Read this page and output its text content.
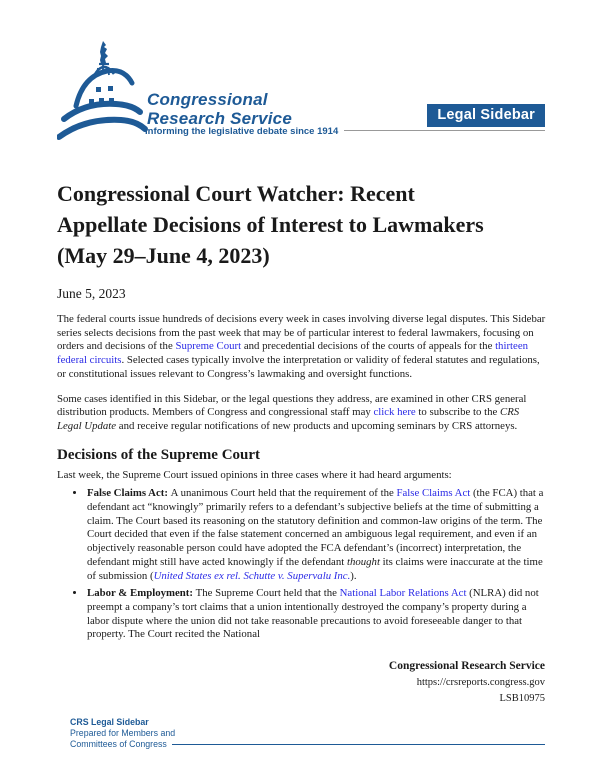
Congressional
Research Service	Legal Sidebar
Informing the legislative debate since 1914
Congressional Court Watcher: Recent
Appellate Decisions of Interest to Lawmakers
(May 29–June 4, 2023)
June 5, 2023

The federal courts issue hundreds of decisions every week in cases involving diverse legal disputes. This Sidebar series selects decisions from the past week that may be of particular interest to federal lawmakers, focusing on orders and decisions of the Supreme Court and precedential decisions of the courts of appeals for the thirteen federal circuits. Selected cases typically involve the interpretation or validity of federal statutes and regulations, or constitutional issues relevant to Congress’s lawmaking and oversight functions.

Some cases identified in this Sidebar, or the legal questions they address, are examined in other CRS general distribution products. Members of Congress and congressional staff may click here to subscribe to the CRS Legal Update and receive regular notifications of new products and upcoming seminars by CRS attorneys.

Decisions of the Supreme Court

Last week, the Supreme Court issued opinions in three cases where it had heard arguments:

• False Claims Act: A unanimous Court held that the requirement of the False Claims Act (the FCA) that a defendant act “knowingly” primarily refers to a defendant’s subjective beliefs at the time of submitting a claim. The Court based its reasoning on the statutory definition and common-law origins of the term. The Court decided that even if the false statement concerned an ambiguous legal requirement, and even if an objectively reasonable person could have adopted the FCA defendant’s (incorrect) interpretation, the defendant might still have acted knowingly if the defendant thought its claims were inaccurate at the time of submission (United States ex rel. Schutte v. Supervalu Inc.).
• Labor & Employment: The Supreme Court held that the National Labor Relations Act (NLRA) did not preempt a company’s tort claims that a union intentionally destroyed the company’s property during a labor dispute where the union did not take reasonable precautions to avoid foreseeable danger to that property. The Court recited the National
Congressional Research Service
https://crsreports.congress.gov
LSB10975
CRS Legal Sidebar
Prepared for Members and
Committees of Congress
